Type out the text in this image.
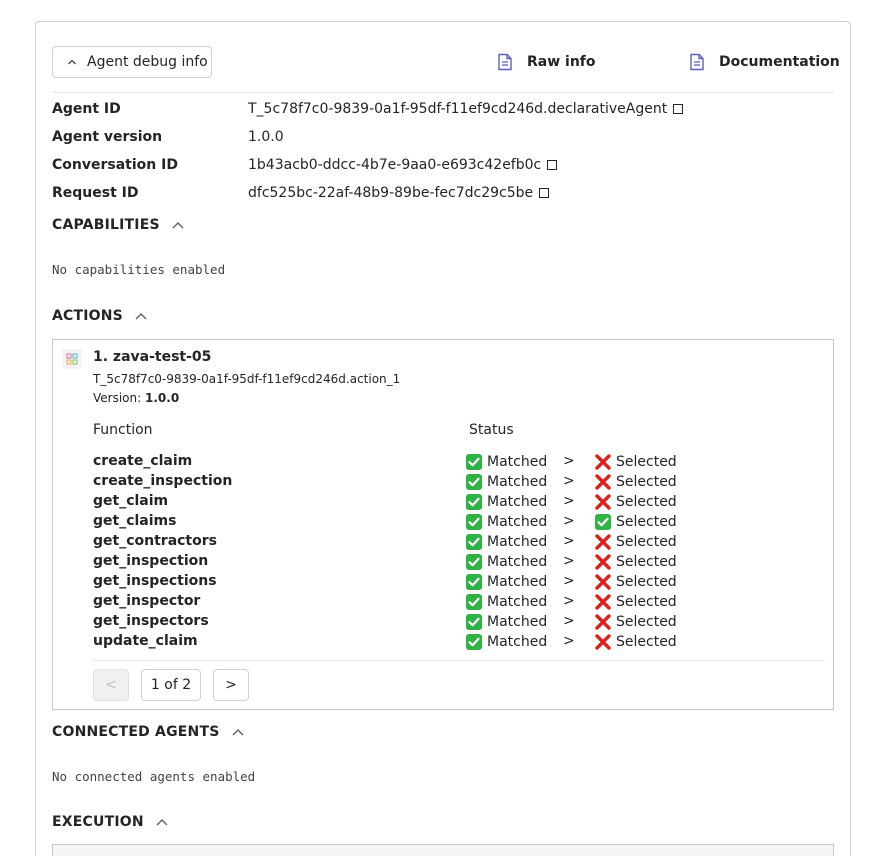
Agent debug info	Raw info	Documentation
Agent ID	T_5c78f7c0-9839-0a1f-95df-f11ef9cd246d.declarativeAgent
Agent version	1.0.0
Conversation ID	1b43acb0-ddcc-4b7e-9aa0-e693c42efb0c
Request ID	dfc525bc-22af-48b9-89be-fec7dc29c5be
CAPABILITIES
No capabilities enabled
ACTIONS
1. zava-test-05
T_5c78f7c0-9839-0a1f-95df-f11ef9cd246d.action_1
Version: 1.0.0
Function	Status
create_claim	Matched >	Selected
create_inspection	Matched >	Selected
get_claim	Matched >	Selected
get_claims	Matched >	Selected
get_contractors	Matched >	Selected
get_inspection	Matched >	Selected
get_inspections	Matched >	Selected
get_inspector	Matched >	Selected
get_inspectors	Matched >	Selected
update_claim	Matched >	Selected
<	1 of 2	>
CONNECTED AGENTS
No connected agents enabled
EXECUTION
